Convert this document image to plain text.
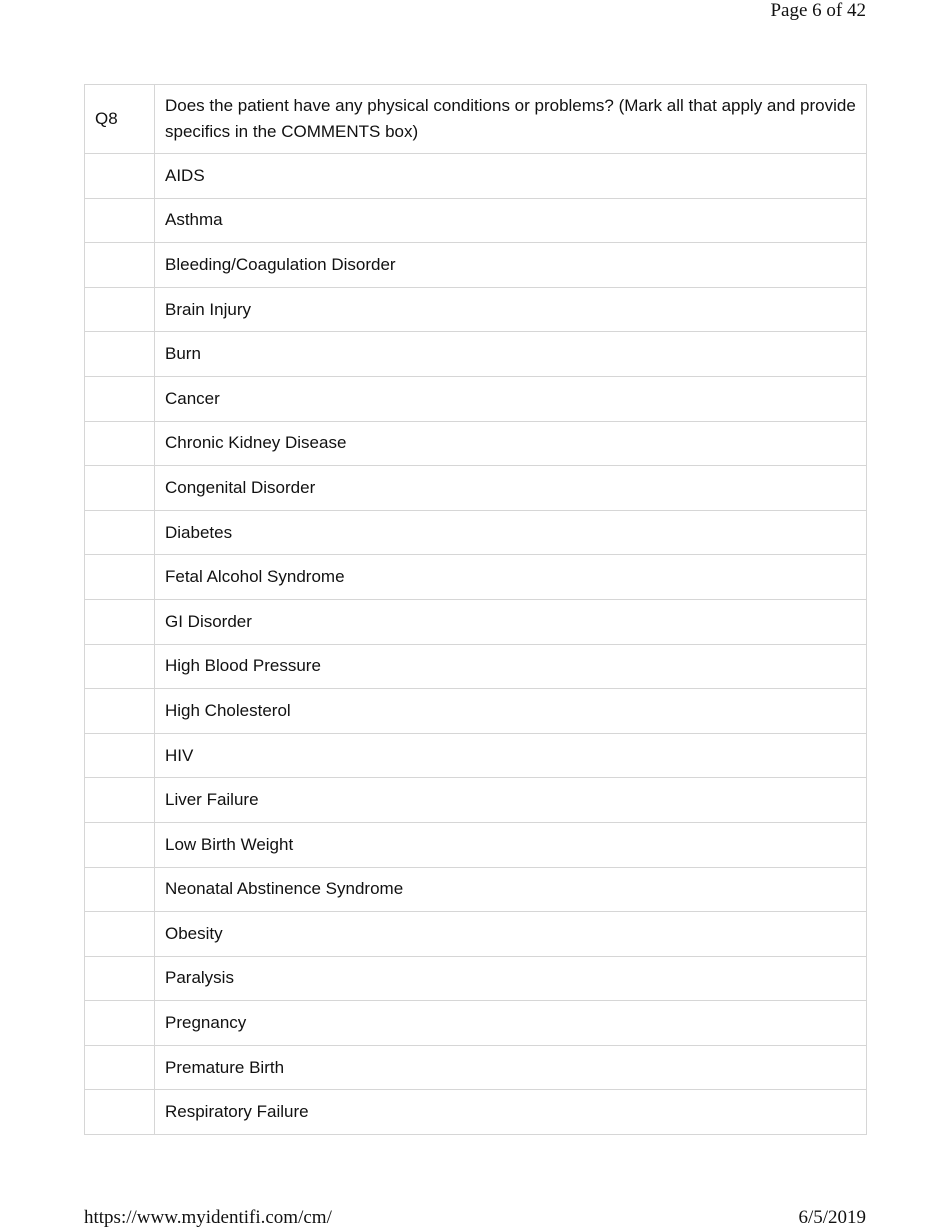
Page 6 of 42
Q8	Does the patient have any physical conditions or problems? (Mark all that apply and provide specifics in the COMMENTS box)
	AIDS
	Asthma
	Bleeding/Coagulation Disorder
	Brain Injury
	Burn
	Cancer
	Chronic Kidney Disease
	Congenital Disorder
	Diabetes
	Fetal Alcohol Syndrome
	GI Disorder
	High Blood Pressure
	High Cholesterol
	HIV
	Liver Failure
	Low Birth Weight
	Neonatal Abstinence Syndrome
	Obesity
	Paralysis
	Pregnancy
	Premature Birth
	Respiratory Failure
https://www.myidentifi.com/cm/	6/5/2019
